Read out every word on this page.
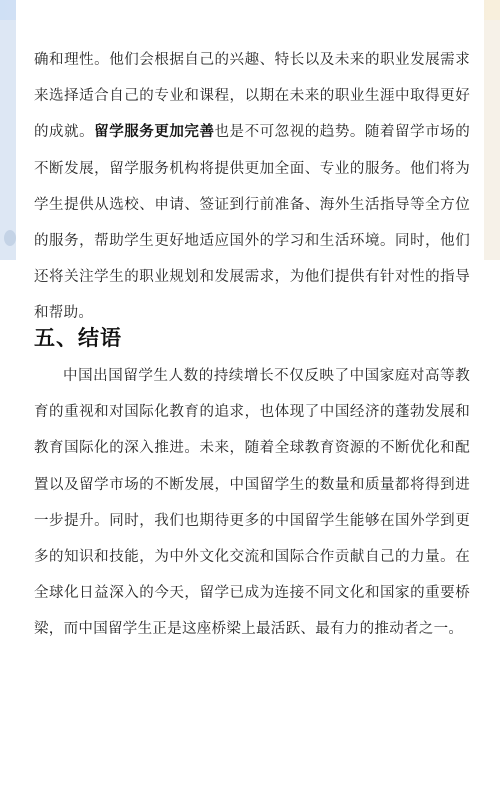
确和理性。他们会根据自己的兴趣、特长以及未来的职业发展需求来选择适合自己的专业和课程，以期在未来的职业生涯中取得更好的成就。留学服务更加完善也是不可忽视的趋势。随着留学市场的不断发展，留学服务机构将提供更加全面、专业的服务。他们将为学生提供从选校、申请、签证到行前准备、海外生活指导等全方位的服务，帮助学生更好地适应国外的学习和生活环境。同时，他们还将关注学生的职业规划和发展需求，为他们提供有针对性的指导和帮助。

五、结语

中国出国留学生人数的持续增长不仅反映了中国家庭对高等教育的重视和对国际化教育的追求，也体现了中国经济的蓬勃发展和教育国际化的深入推进。未来，随着全球教育资源的不断优化和配置以及留学市场的不断发展，中国留学生的数量和质量都将得到进一步提升。同时，我们也期待更多的中国留学生能够在国外学到更多的知识和技能，为中外文化交流和国际合作贡献自己的力量。在全球化日益深入的今天，留学已成为连接不同文化和国家的重要桥梁，而中国留学生正是这座桥梁上最活跃、最有力的推动者之一。
